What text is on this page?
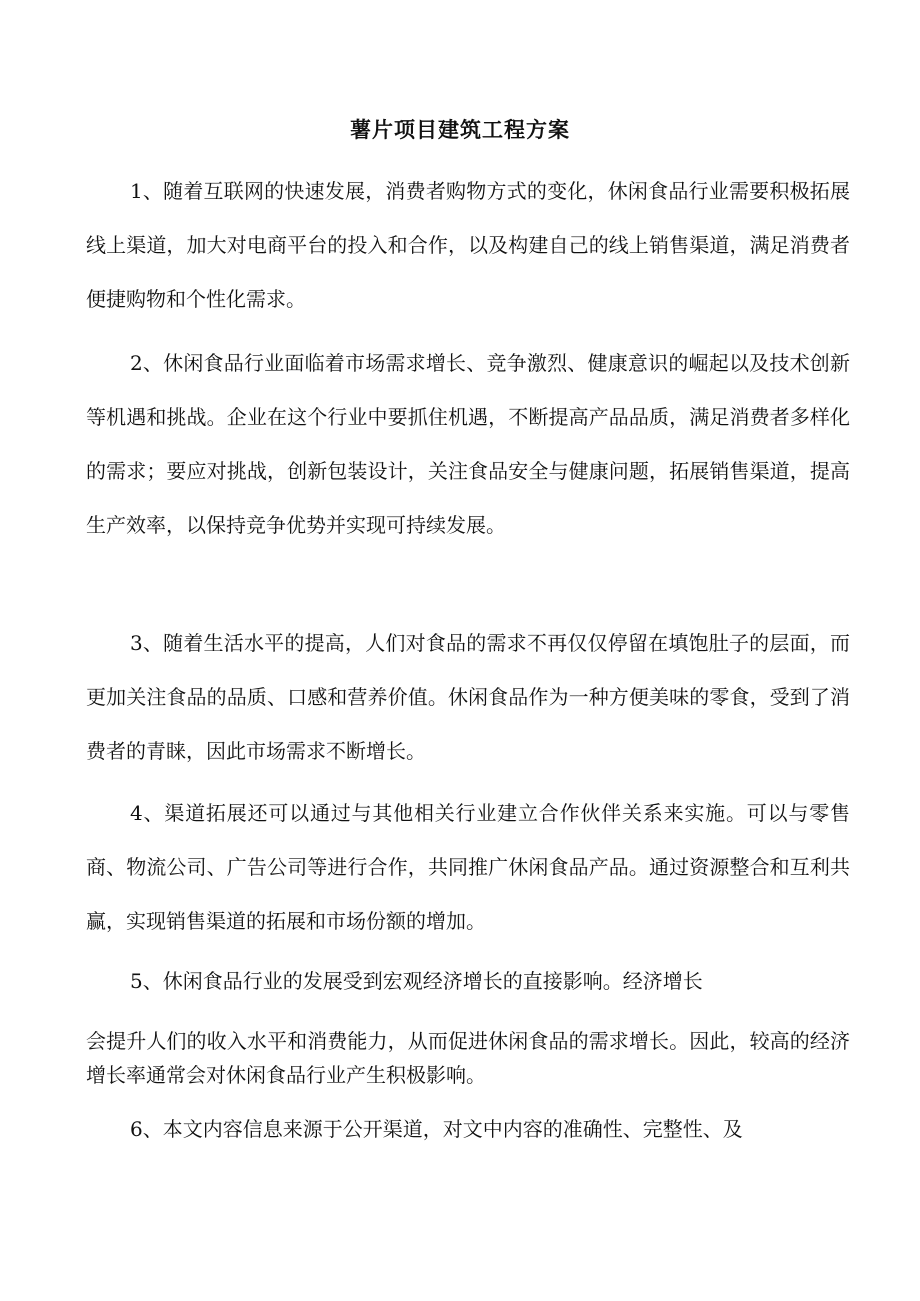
薯片项目建筑工程方案

1、随着互联网的快速发展，消费者购物方式的变化，休闲食品行业需要积极拓展线上渠道，加大对电商平台的投入和合作，以及构建自己的线上销售渠道，满足消费者便捷购物和个性化需求。

2、休闲食品行业面临着市场需求增长、竞争激烈、健康意识的崛起以及技术创新等机遇和挑战。企业在这个行业中要抓住机遇，不断提高产品品质，满足消费者多样化的需求；要应对挑战，创新包装设计，关注食品安全与健康问题，拓展销售渠道，提高生产效率，以保持竞争优势并实现可持续发展。

3、随着生活水平的提高，人们对食品的需求不再仅仅停留在填饱肚子的层面，而更加关注食品的品质、口感和营养价值。休闲食品作为一种方便美味的零食，受到了消费者的青睐，因此市场需求不断增长。

4、渠道拓展还可以通过与其他相关行业建立合作伙伴关系来实施。可以与零售商、物流公司、广告公司等进行合作，共同推广休闲食品产品。通过资源整合和互利共赢，实现销售渠道的拓展和市场份额的增加。

5、休闲食品行业的发展受到宏观经济增长的直接影响。经济增长

会提升人们的收入水平和消费能力，从而促进休闲食品的需求增长。因此，较高的经济增长率通常会对休闲食品行业产生积极影响。

6、本文内容信息来源于公开渠道，对文中内容的准确性、完整性、及
